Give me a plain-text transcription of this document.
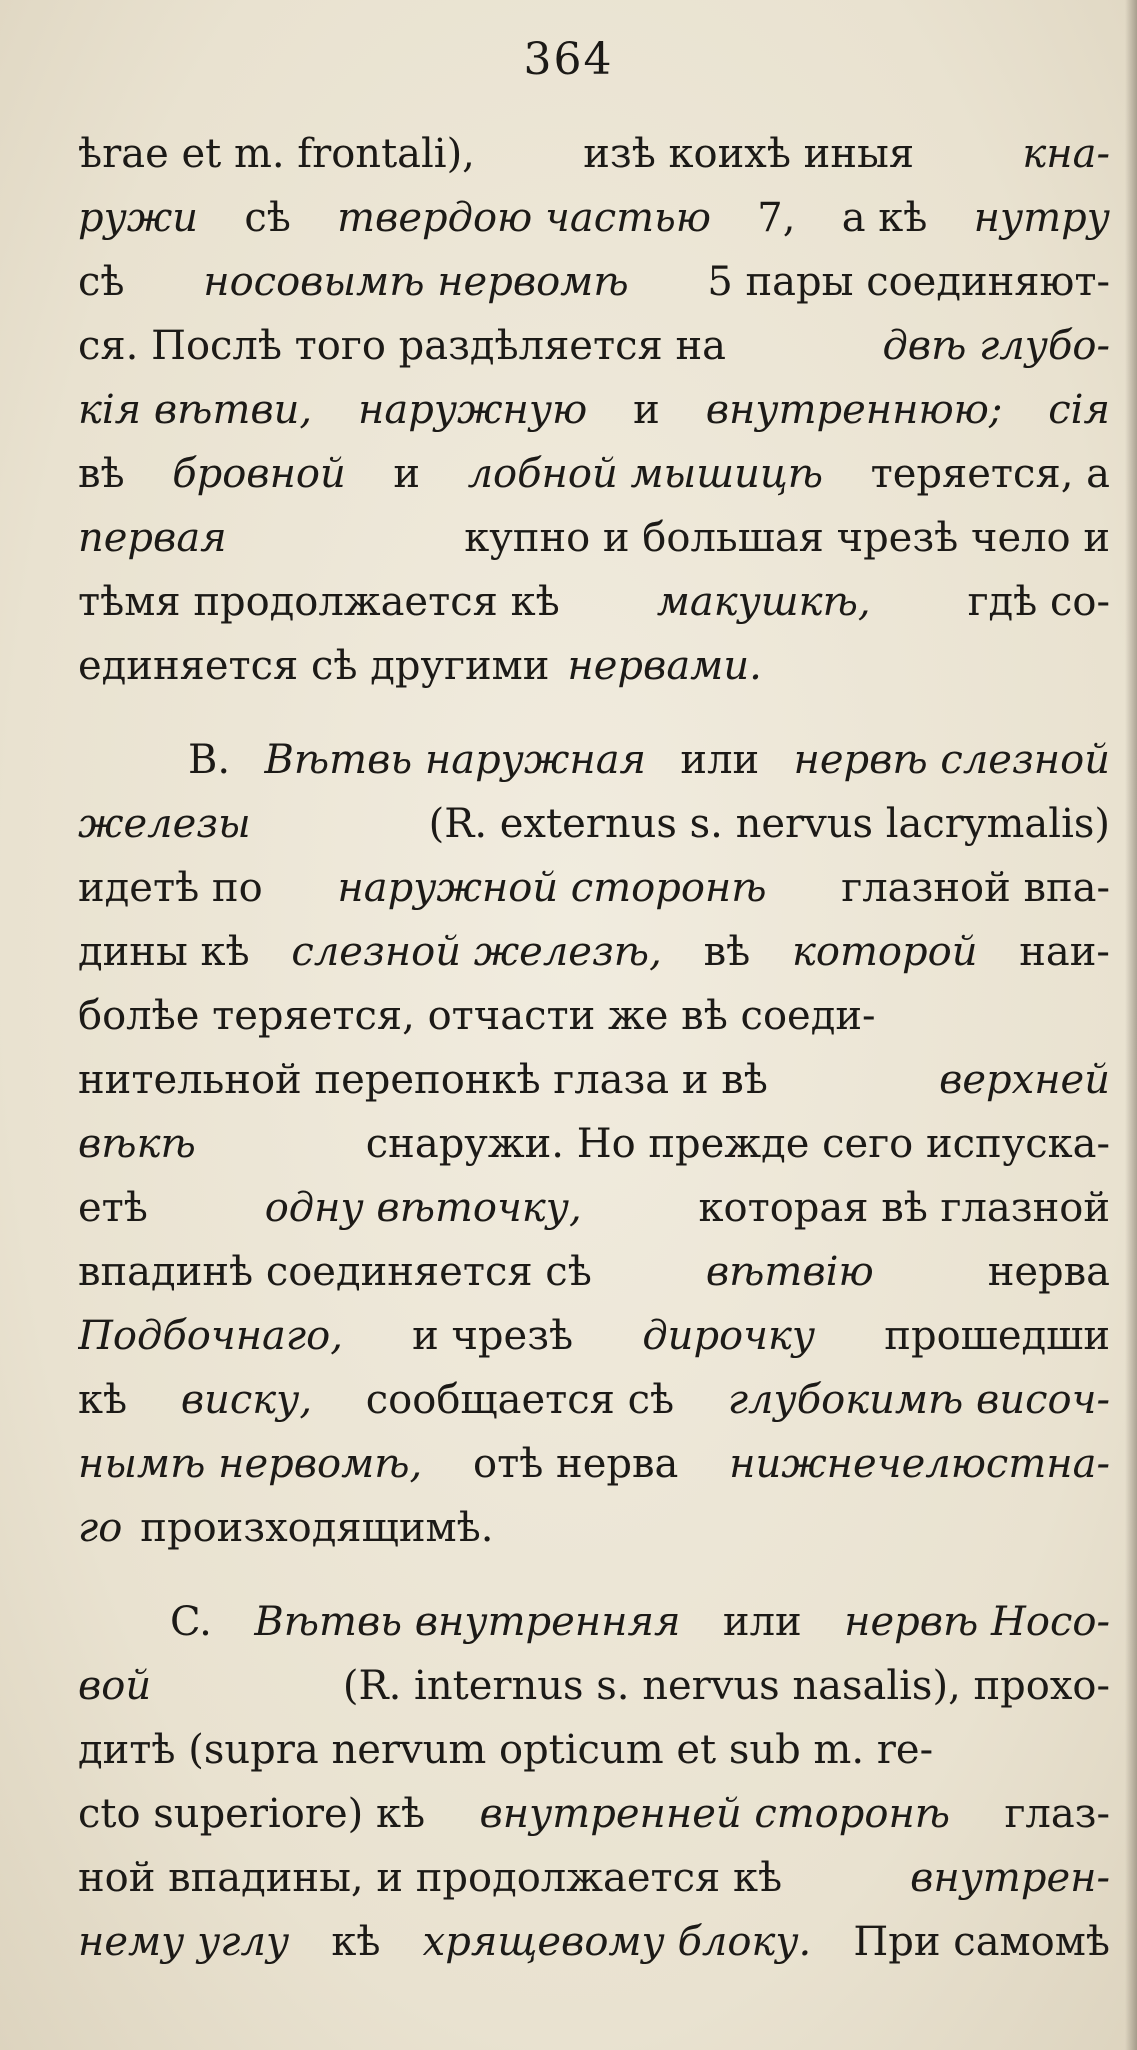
364
ѣrae et m. frontali),	изѣ коихѣ иныя	кна-
ружи сѣ твердою частью 7, а кѣ нутру
сѣ носовымѣ нервомѣ 5 пары соединяют-
ся. Послѣ того раздѣляется на	двѣ глубо-
кія вѣтви, наружную и внутреннюю; сія
вѣ бровной и лобной мышицѣ теряется, а
первая	купно и большая чрезѣ чело и
тѣмя продолжается кѣ макушкѣ, гдѣ со-
единяется сѣ другими нервами.
B. Вѣтвь наружная или нервѣ слезной
железы	(R. externus s. nervus lacrymalis)
идетѣ по наружной сторонѣ глазной впа-
дины кѣ слезной железѣ, вѣ которой наи-
болѣе теряется, отчасти же вѣ соеди-
нительной перепонкѣ глаза и вѣ	верхней
вѣкѣ	снаружи. Но прежде сего испуска-
етѣ	одну вѣточку,	которая вѣ глазной
впадинѣ соединяется сѣ	вѣтвію	нерва
Подбочнаго, и чрезѣ дирочку прошедши
кѣ виску, сообщается сѣ глубокимѣ височ-
нымѣ нервомѣ, отѣ нерва нижнечелюстна-
го произходящимѣ.
C. Вѣтвь внутренняя или нервѣ Носо-
вой	(R. internus s. nervus nasalis), прохо-
дитѣ (supra nervum opticum et sub m. re-
cto superiore) кѣ внутренней сторонѣ глаз-
ной впадины, и продолжается кѣ	внутрен-
нему углу кѣ хрящевому блоку. При самомѣ
